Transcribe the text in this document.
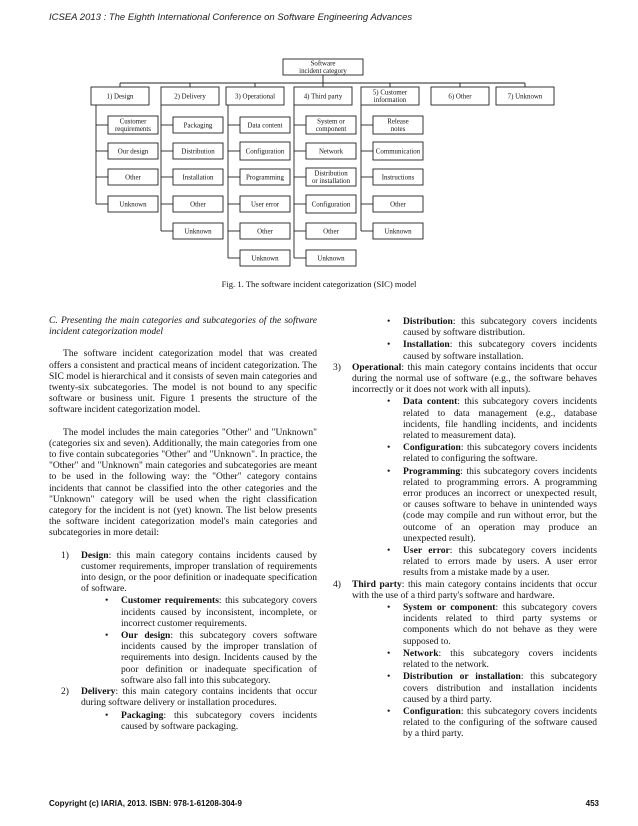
ICSEA 2013 : The Eighth International Conference on Software Engineering Advances
Software incident category
1) Design	2) Delivery	3) Operational	4) Third party
5) Customer information
6) Other	7) Unknown
Customer requirements
Our design
Other
Unknown
Packaging
Distribution
Installation
Other
Unknown
Data content
Configuration
Programming
User error
Other
Unknown
System or component
Network
Distribution or installation
Configuration
Other
Unknown
Release notes
Communication
Instructions
Other
Unknown
Fig. 1. The software incident categorization (SIC) model

C. Presenting the main categories and subcategories of the software incident categorization model

The software incident categorization model that was created offers a consistent and practical means of incident categorization. The SIC model is hierarchical and it consists of seven main categories and twenty-six subcategories. The model is not bound to any specific software or business unit. Figure 1 presents the structure of the software incident categorization model.

The model includes the main categories "Other" and "Unknown" (categories six and seven). Additionally, the main categories from one to five contain subcategories "Other" and "Unknown". In practice, the "Other" and "Unknown" main categories and subcategories are meant to be used in the following way: the "Other" category contains incidents that cannot be classified into the other categories and the "Unknown" category will be used when the right classification category for the incident is not (yet) known. The list below presents the software incident categorization model's main categories and subcategories in more detail:

1) Design: this main category contains incidents caused by customer requirements, improper translation of requirements into design, or the poor definition or inadequate specification of software.

• Customer requirements: this subcategory covers incidents caused by inconsistent, incomplete, or incorrect customer requirements.

• Our design: this subcategory covers software incidents caused by the improper translation of requirements into design. Incidents caused by the poor definition or inadequate specification of software also fall into this subcategory.

2) Delivery: this main category contains incidents that occur during software delivery or installation procedures.

• Packaging: this subcategory covers incidents caused by software packaging.

• Distribution: this subcategory covers incidents caused by software distribution.

• Installation: this subcategory covers incidents caused by software installation.

3) Operational: this main category contains incidents that occur during the normal use of software (e.g., the software behaves incorrectly or it does not work with all inputs).

• Data content: this subcategory covers incidents related to data management (e.g., database incidents, file handling incidents, and incidents related to measurement data).

• Configuration: this subcategory covers incidents related to configuring the software.

• Programming: this subcategory covers incidents related to programming errors. A programming error produces an incorrect or unexpected result, or causes software to behave in unintended ways (code may compile and run without error, but the outcome of an operation may produce an unexpected result).

• User error: this subcategory covers incidents related to errors made by users. A user error results from a mistake made by a user.

4) Third party: this main category contains incidents that occur with the use of a third party's software and hardware.

• System or component: this subcategory covers incidents related to third party systems or components which do not behave as they were supposed to.

• Network: this subcategory covers incidents related to the network.

• Distribution or installation: this subcategory covers distribution and installation incidents caused by a third party.

• Configuration: this subcategory covers incidents related to the configuring of the software caused by a third party.

Copyright (c) IARIA, 2013. ISBN: 978-1-61208-304-9	453
